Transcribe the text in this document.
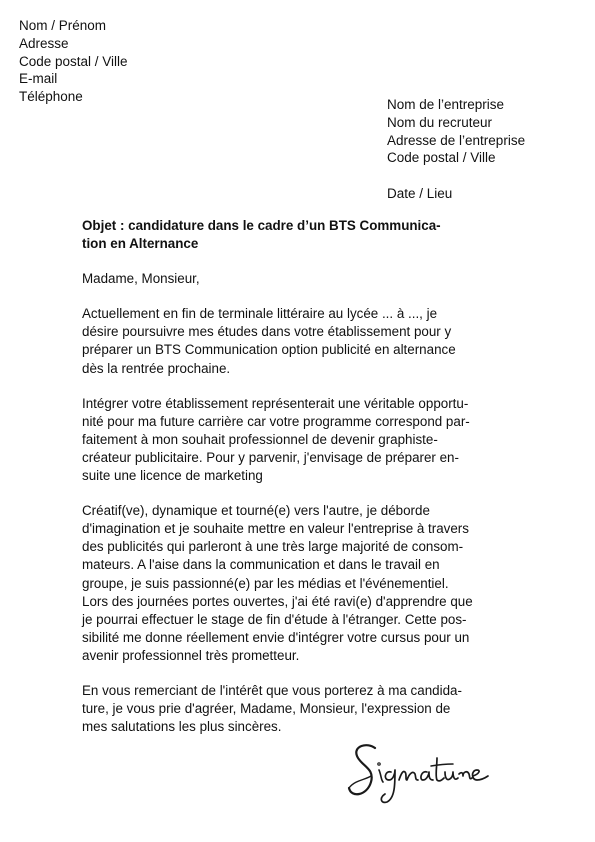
Nom / Prénom
Adresse
Code postal / Ville
E-mail
Téléphone
Nom de l’entreprise
Nom du recruteur
Adresse de l’entreprise
Code postal / Ville
Date / Lieu
Objet : candidature dans le cadre d’un BTS Communica-
tion en Alternance
Madame, Monsieur,
Actuellement en fin de terminale littéraire au lycée ... à ..., je
désire poursuivre mes études dans votre établissement pour y
préparer un BTS Communication option publicité en alternance
dès la rentrée prochaine.
Intégrer votre établissement représenterait une véritable opportu-
nité pour ma future carrière car votre programme correspond par-
faitement à mon souhait professionnel de devenir graphiste-
créateur publicitaire. Pour y parvenir, j'envisage de préparer en-
suite une licence de marketing
Créatif(ve), dynamique et tourné(e) vers l'autre, je déborde
d'imagination et je souhaite mettre en valeur l'entreprise à travers
des publicités qui parleront à une très large majorité de consom-
mateurs. A l'aise dans la communication et dans le travail en
groupe, je suis passionné(e) par les médias et l'événementiel.
Lors des journées portes ouvertes, j'ai été ravi(e) d'apprendre que
je pourrai effectuer le stage de fin d'étude à l'étranger. Cette pos-
sibilité me donne réellement envie d'intégrer votre cursus pour un
avenir professionnel très prometteur.
En vous remerciant de l'intérêt que vous porterez à ma candida-
ture, je vous prie d'agréer, Madame, Monsieur, l'expression de
mes salutations les plus sincères.
